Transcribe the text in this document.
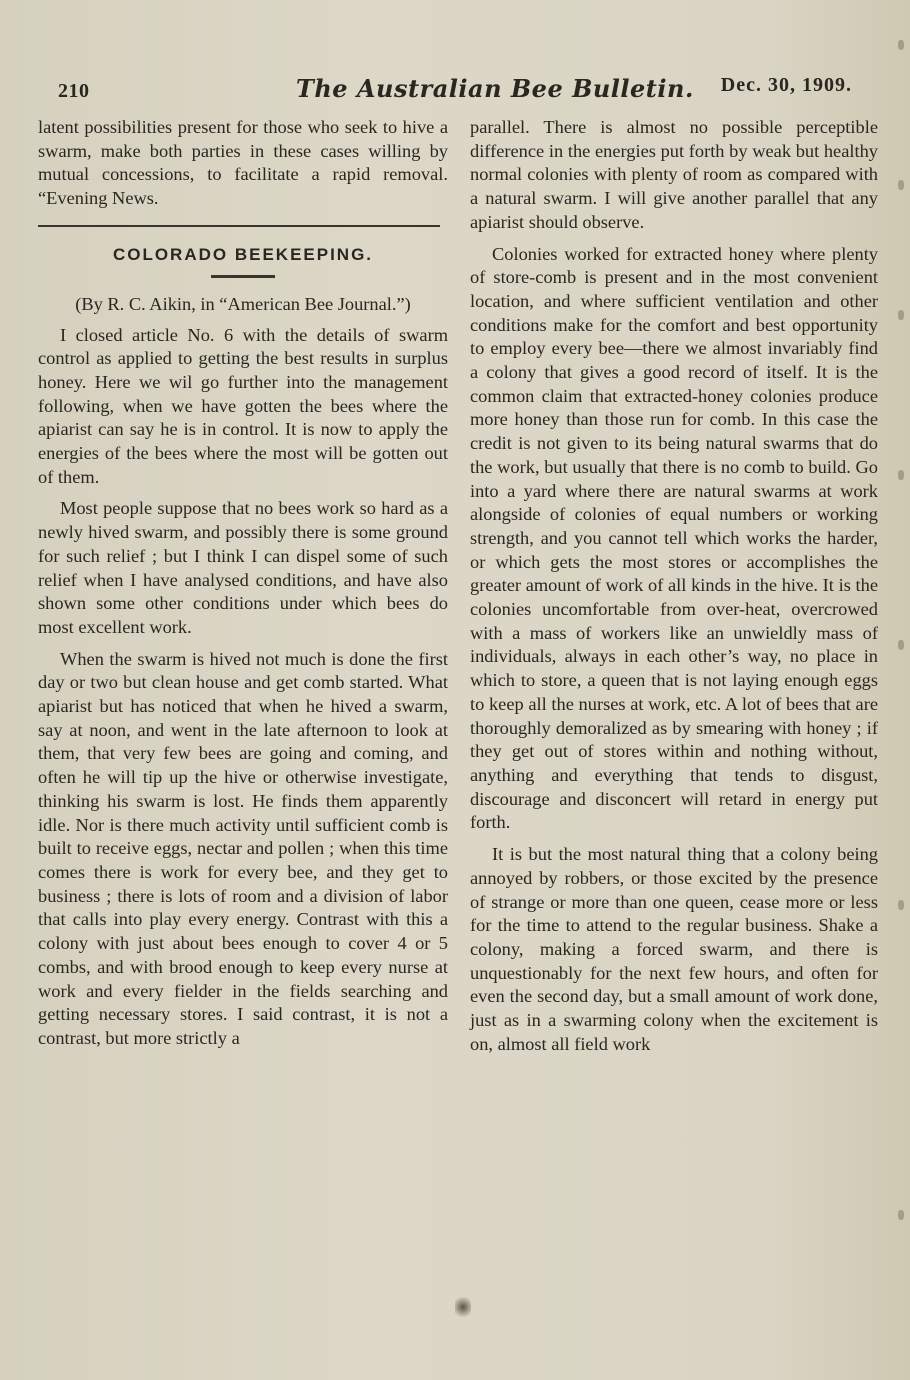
210	The Australian Bee Bulletin. Dec. 30, 1909.

latent possibilities present for those who seek to hive a swarm, make both parties in these cases willing by mutual concessions, to facilitate a rapid removal. “Evening News.

COLORADO BEEKEEPING.

(By R. C. Aikin, in “American Bee Journal.”)

I closed article No. 6 with the details of swarm control as applied to getting the best results in surplus honey. Here we wil go further into the management following, when we have gotten the bees where the apiarist can say he is in control. It is now to apply the energies of the bees where the most will be gotten out of them.

Most people suppose that no bees work so hard as a newly hived swarm, and possibly there is some ground for such relief ; but I think I can dispel some of such relief when I have analysed conditions, and have also shown some other conditions under which bees do most excellent work.

When the swarm is hived not much is done the first day or two but clean house and get comb started. What apiarist but has noticed that when he hived a swarm, say at noon, and went in the late afternoon to look at them, that very few bees are going and coming, and often he will tip up the hive or otherwise investigate, thinking his swarm is lost. He finds them apparently idle. Nor is there much activity until sufficient comb is built to receive eggs, nectar and pollen ; when this time comes there is work for every bee, and they get to business ; there is lots of room and a division of labor that calls into play every energy. Contrast with this a colony with just about bees enough to cover 4 or 5 combs, and with brood enough to keep every nurse at work and every fielder in the fields searching and getting necessary stores. I said contrast, it is not a contrast, but more strictly a

parallel. There is almost no possible perceptible difference in the energies put forth by weak but healthy normal colonies with plenty of room as compared with a natural swarm. I will give another parallel that any apiarist should observe.

Colonies worked for extracted honey where plenty of store-comb is present and in the most convenient location, and where sufficient ventilation and other conditions make for the comfort and best opportunity to employ every bee—there we almost invariably find a colony that gives a good record of itself. It is the common claim that extracted-honey colonies produce more honey than those run for comb. In this case the credit is not given to its being natural swarms that do the work, but usually that there is no comb to build. Go into a yard where there are natural swarms at work alongside of colonies of equal numbers or working strength, and you cannot tell which works the harder, or which gets the most stores or accomplishes the greater amount of work of all kinds in the hive. It is the colonies uncomfortable from over-heat, overcrowed with a mass of workers like an unwieldly mass of individuals, always in each other’s way, no place in which to store, a queen that is not laying enough eggs to keep all the nurses at work, etc. A lot of bees that are thoroughly demoralized as by smearing with honey ; if they get out of stores within and nothing without, anything and everything that tends to disgust, discourage and disconcert will retard in energy put forth.

It is but the most natural thing that a colony being annoyed by robbers, or those excited by the presence of strange or more than one queen, cease more or less for the time to attend to the regular business. Shake a colony, making a forced swarm, and there is unquestionably for the next few hours, and often for even the second day, but a small amount of work done, just as in a swarming colony when the excitement is on, almost all field work
